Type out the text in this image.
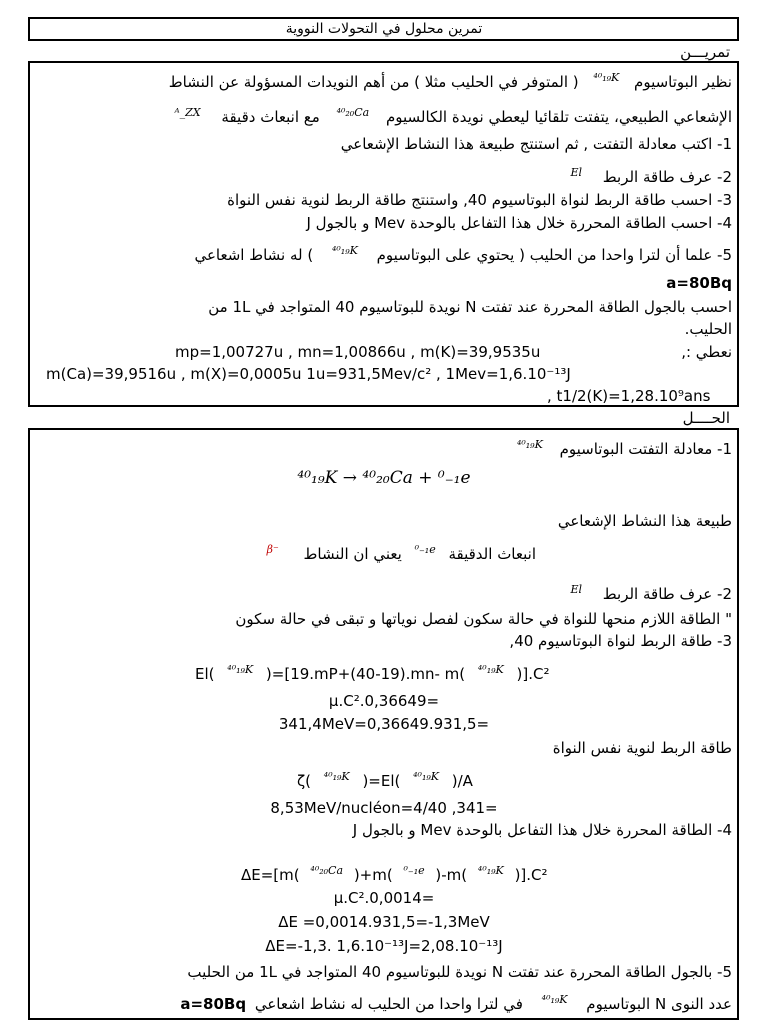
تمرين محلول في التحولات النووية
تمريـــن
نظير البوتاسيوم ⁴⁰₁₉K ( المتوفر في الحليب مثلا ) من أهم النويدات المسؤولة عن النشاط
الإشعاعي الطبيعي، يتفتت تلقائيا ليعطي نويدة الكالسيوم ⁴⁰₂₀Ca مع انبعاث دقيقة ᴬ_ZX
1- اكتب معادلة التفتت , ثم استنتج طبيعة هذا النشاط الإشعاعي
2- عرف طاقة الربط El
3- احسب طاقة الربط لنواة البوتاسيوم 40, واستنتج طاقة الربط لنوية نفس النواة
4- احسب الطاقة المحررة خلال هذا التفاعل بالوحدة Mev و بالجول J
5- علما أن لترا واحدا من الحليب ( يحتوي على البوتاسيوم ⁴⁰₁₉K ) له نشاط اشعاعي
a=80Bq
احسب بالجول الطاقة المحررة عند تفتت N نويدة للبوتاسيوم 40 المتواجد في 1L من
الحليب.
نعطي :,
mp=1,00727u , mn=1,00866u , m(K)=39,9535u
m(Ca)=39,9516u , m(X)=0,0005u 1u=931,5Mev/c² , 1Mev=1,6.10⁻¹³J
, t1/2(K)=1,28.10⁹ans
الحــــل
1- معادلة التفتت البوتاسيوم ⁴⁰₁₉K
⁴⁰₁₉K → ⁴⁰₂₀Ca + ⁰₋₁e
طبيعة هذا النشاط الإشعاعي
انبعاث الدقيقة ⁰₋₁e يعني ان النشاط β⁻
2- عرف طاقة الربط El
" الطاقة اللازم منحها للنواة في حالة سكون لفصل نوياتها و تبقى في حالة سكون
3- طاقة الربط لنواة البوتاسيوم 40,
El( ⁴⁰₁₉K )=[19.mP+(40-19).mn- m( ⁴⁰₁₉K )].C²
μ.C².0,36649=
341,4MeV=0,36649.931,5=
طاقة الربط لنوية نفس النواة
ζ( ⁴⁰₁₉K )=El( ⁴⁰₁₉K )/A
8,53MeV/nucléon=4/40 ,341=
4- الطاقة المحررة خلال هذا التفاعل بالوحدة Mev و بالجول J
ΔE=[m( ⁴⁰₂₀Ca )+m( ⁰₋₁e )-m( ⁴⁰₁₉K )].C²
μ.C².0,0014=
ΔE =0,0014.931,5=-1,3MeV
ΔE=-1,3. 1,6.10⁻¹³J=2,08.10⁻¹³J
5- بالجول الطاقة المحررة عند تفتت N نويدة للبوتاسيوم 40 المتواجد في 1L من الحليب
عدد النوى N البوتاسيوم ⁴⁰₁₉K في لترا واحدا من الحليب له نشاط اشعاعي a=80Bq
